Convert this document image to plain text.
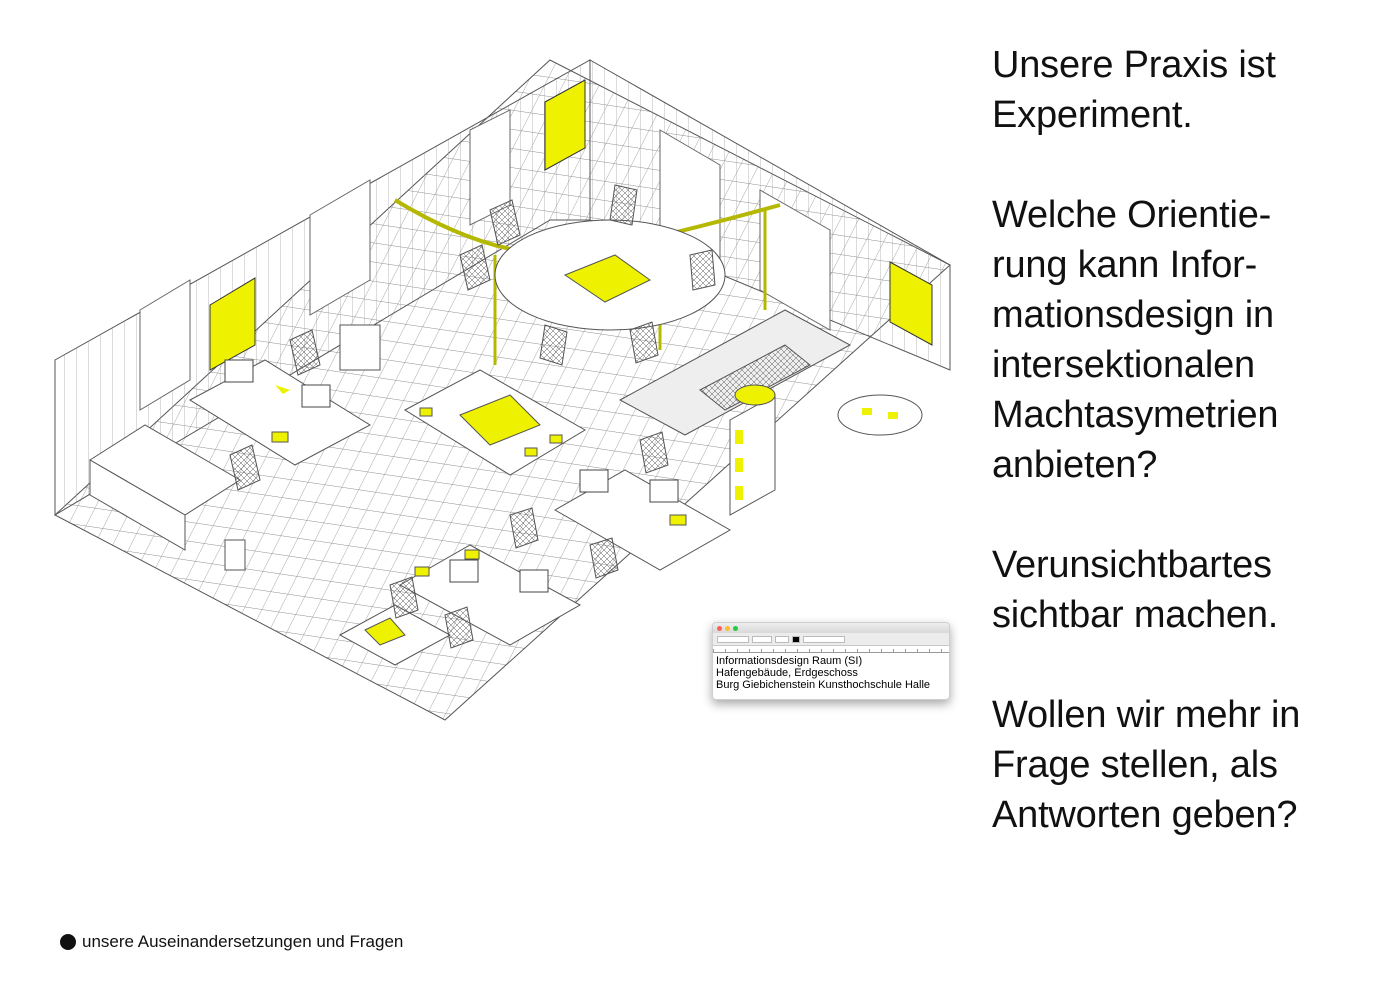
Unsere Praxis ist
Experiment.

Welche Orientie-
rung kann Infor-
mationsdesign in
intersektionalen
Machtasymetrien
anbieten?

Verunsichtbartes
sichtbar machen.

Wollen wir mehr in
Frage stellen, als
Antworten geben?

Informationsdesign Raum (SI)
Hafengebäude, Erdgeschoss
Burg Giebichenstein Kunsthochschule Halle
unsere Auseinandersetzungen und Fragen
